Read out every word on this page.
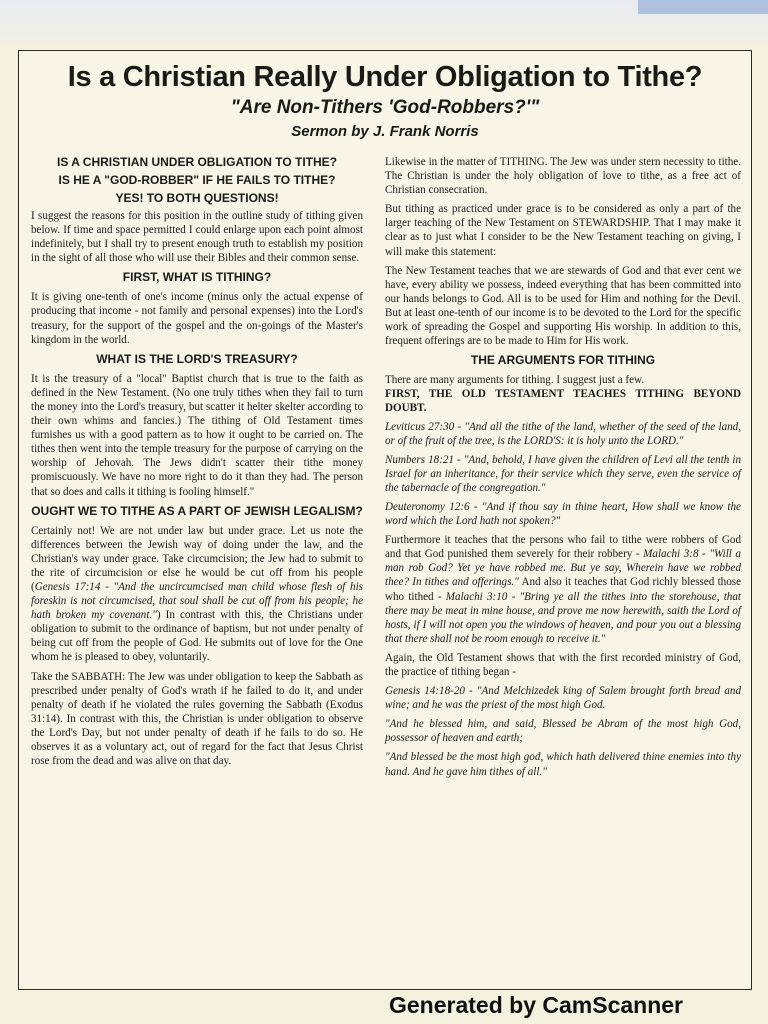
Is a Christian Really Under Obligation to Tithe?
"Are Non-Tithers 'God-Robbers?'"
Sermon by J. Frank Norris
IS A CHRISTIAN UNDER OBLIGATION TO TITHE?
IS HE A "GOD-ROBBER" IF HE FAILS TO TITHE?
YES! TO BOTH QUESTIONS!

I suggest the reasons for this position in the outline study of tithing given below. If time and space permitted I could enlarge upon each point almost indefinitely, but I shall try to present enough truth to establish my position in the sight of all those who will use their Bibles and their common sense.

FIRST, WHAT IS TITHING?

It is giving one-tenth of one's income (minus only the actual expense of producing that income - not family and personal expenses) into the Lord's treasury, for the support of the gospel and the on-goings of the Master's kingdom in the world.

WHAT IS THE LORD'S TREASURY?

It is the treasury of a "local" Baptist church that is true to the faith as defined in the New Testament. (No one truly tithes when they fail to turn the money into the Lord's treasury, but scatter it helter skelter according to their own whims and fancies.) The tithing of Old Testament times furnishes us with a good pattern as to how it ought to be carried on. The tithes then went into the temple treasury for the purpose of carrying on the worship of Jehovah. The Jews didn't scatter their tithe money promiscuously. We have no more right to do it than they had. The person that so does and calls it tithing is fooling himself."

OUGHT WE TO TITHE AS A PART OF JEWISH LEGALISM?

Certainly not! We are not under law but under grace. Let us note the differences between the Jewish way of doing under the law, and the Christian's way under grace. Take circumcision; the Jew had to submit to the rite of circumcision or else he would be cut off from his people (Genesis 17:14 - "And the uncircumcised man child whose flesh of his foreskin is not circumcised, that soul shall be cut off from his people; he hath broken my covenant.") In contrast with this, the Christians under obligation to submit to the ordinance of baptism, but not under penalty of being cut off from the people of God. He submits out of love for the One whom he is pleased to obey, voluntarily.

Take the SABBATH: The Jew was under obligation to keep the Sabbath as prescribed under penalty of God's wrath if he failed to do it, and under penalty of death if he violated the rules governing the Sabbath (Exodus 31:14). In contrast with this, the Christian is under obligation to observe the Lord's Day, but not under penalty of death if he fails to do so. He observes it as a voluntary act, out of regard for the fact that Jesus Christ rose from the dead and was alive on that day.

Likewise in the matter of TITHING. The Jew was under stern necessity to tithe. The Christian is under the holy obligation of love to tithe, as a free act of Christian consecration.

But tithing as practiced under grace is to be considered as only a part of the larger teaching of the New Testament on STEWARDSHIP. That I may make it clear as to just what I consider to be the New Testament teaching on giving, I will make this statement:

The New Testament teaches that we are stewards of God and that ever cent we have, every ability we possess, indeed everything that has been committed into our hands belongs to God. All is to be used for Him and nothing for the Devil. But at least one-tenth of our income is to be devoted to the Lord for the specific work of spreading the Gospel and supporting His worship. In addition to this, frequent offerings are to be made to Him for His work.

THE ARGUMENTS FOR TITHING

There are many arguments for tithing. I suggest just a few.
FIRST, THE OLD TESTAMENT TEACHES TITHING BEYOND DOUBT.

Leviticus 27:30 - "And all the tithe of the land, whether of the seed of the land, or of the fruit of the tree, is the LORD'S: it is holy unto the LORD."

Numbers 18:21 - "And, behold, I have given the children of Levi all the tenth in Israel for an inheritance, for their service which they serve, even the service of the tabernacle of the congregation."

Deuteronomy 12:6 - "And if thou say in thine heart, How shall we know the word which the Lord hath not spoken?"

Furthermore it teaches that the persons who fail to tithe were robbers of God and that God punished them severely for their robbery - Malachi 3:8 - "Will a man rob God? Yet ye have robbed me. But ye say, Wherein have we robbed thee? In tithes and offerings." And also it teaches that God richly blessed those who tithed - Malachi 3:10 - "Bring ye all the tithes into the storehouse, that there may be meat in mine house, and prove me now herewith, saith the Lord of hosts, if I will not open you the windows of heaven, and pour you out a blessing that there shall not be room enough to receive it."

Again, the Old Testament shows that with the first recorded ministry of God, the practice of tithing began -

Genesis 14:18-20 - "And Melchizedek king of Salem brought forth bread and wine; and he was the priest of the most high God.

"And he blessed him, and said, Blessed be Abram of the most high God, possessor of heaven and earth;

"And blessed be the most high god, which hath delivered thine enemies into thy hand. And he gave him tithes of all."

Generated by CamScanner
